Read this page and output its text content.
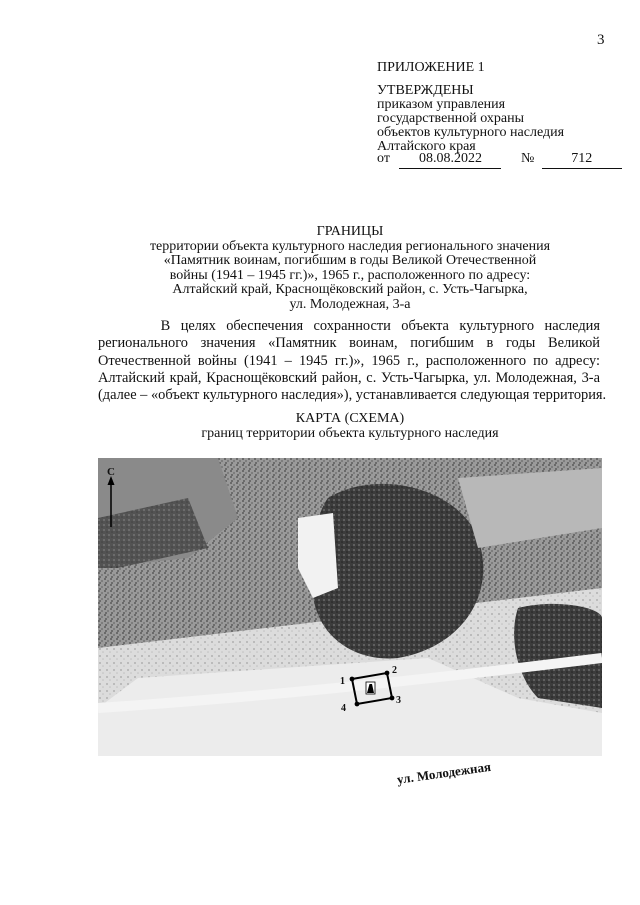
3
ПРИЛОЖЕНИЕ 1
УТВЕРЖДЕНЫ
приказом управления
государственной охраны
объектов культурного наследия
Алтайского края
от 08.08.2022	№	712
ГРАНИЦЫ
территории объекта культурного наследия регионального значения
«Памятник воинам, погибшим в годы Великой Отечественной
войны (1941 – 1945 гг.)», 1965 г., расположенного по адресу:
Алтайский край, Краснощёковский район, с. Усть-Чагырка,
ул. Молодежная, 3-а
В целях обеспечения сохранности объекта культурного наследия
регионального значения «Памятник воинам, погибшим в годы Великой
Отечественной войны (1941 – 1945 гг.)», 1965 г., расположенного по адресу:
Алтайский край, Краснощёковский район, с. Усть-Чагырка, ул. Молодежная, 3-а
(далее – «объект культурного наследия»), устанавливается следующая территория.
КАРТА (СХЕМА)
границ территории объекта культурного наследия
С
1
2
3
4
ул. Молодежная
